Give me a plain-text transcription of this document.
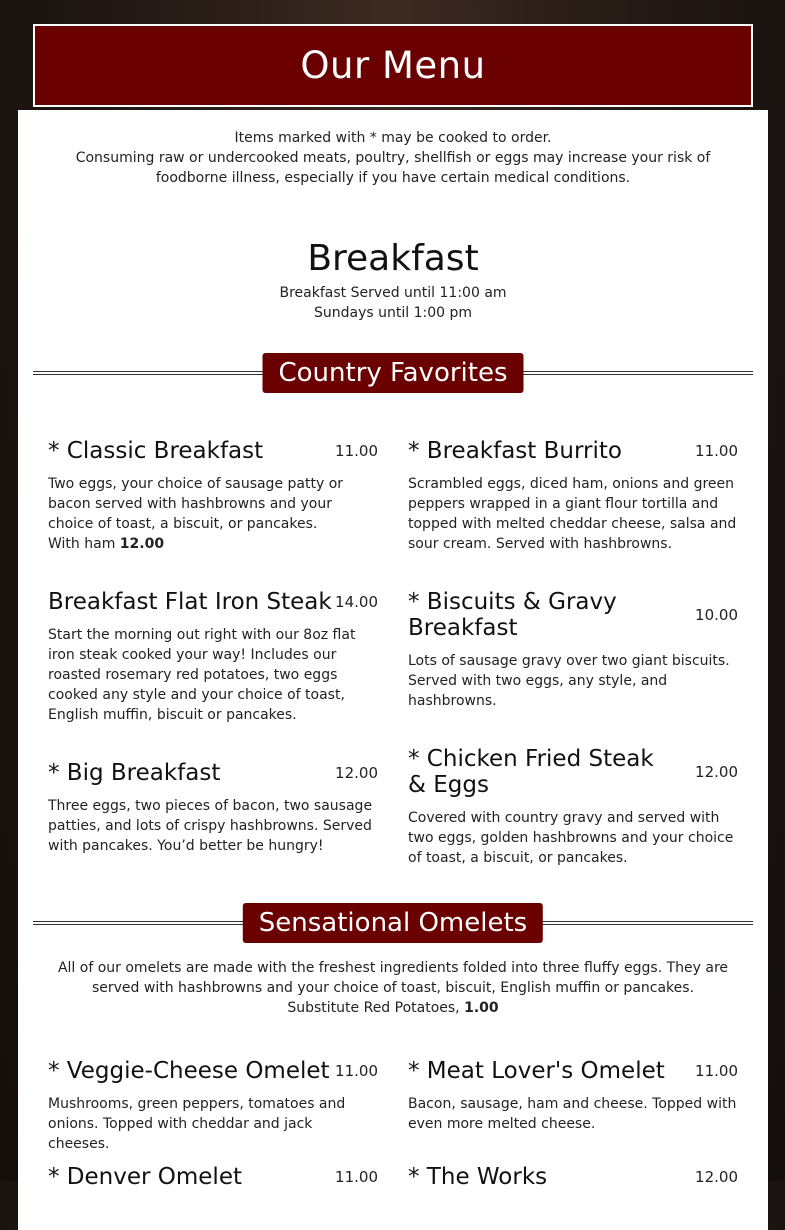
Our Menu
Items marked with * may be cooked to order.
Consuming raw or undercooked meats, poultry, shellfish or eggs may increase your risk of foodborne illness, especially if you have certain medical conditions.
Breakfast
Breakfast Served until 11:00 am
Sundays until 1:00 pm
Country Favorites
* Classic Breakfast	11.00
Two eggs, your choice of sausage patty or bacon served with hashbrowns and your choice of toast, a biscuit, or pancakes.
With ham 12.00
* Breakfast Burrito	11.00
Scrambled eggs, diced ham, onions and green peppers wrapped in a giant flour tortilla and topped with melted cheddar cheese, salsa and sour cream. Served with hashbrowns.
Breakfast Flat Iron Steak 14.00
Start the morning out right with our 8oz flat iron steak cooked your way! Includes our roasted rosemary red potatoes, two eggs cooked any style and your choice of toast, English muffin, biscuit or pancakes.
* Biscuits & Gravy Breakfast	10.00
Lots of sausage gravy over two giant biscuits. Served with two eggs, any style, and hashbrowns.
* Big Breakfast	12.00
Three eggs, two pieces of bacon, two sausage patties, and lots of crispy hashbrowns. Served with pancakes. You’d better be hungry!
* Chicken Fried Steak & Eggs	12.00
Covered with country gravy and served with two eggs, golden hashbrowns and your choice of toast, a biscuit, or pancakes.
Sensational Omelets
All of our omelets are made with the freshest ingredients folded into three fluffy eggs. They are served with hashbrowns and your choice of toast, biscuit, English muffin or pancakes.
Substitute Red Potatoes, 1.00
* Veggie-Cheese Omelet 11.00
Mushrooms, green peppers, tomatoes and onions. Topped with cheddar and jack cheeses.
* Meat Lover's Omelet	11.00
Bacon, sausage, ham and cheese. Topped with even more melted cheese.
* Denver Omelet	11.00 * The Works	12.00
